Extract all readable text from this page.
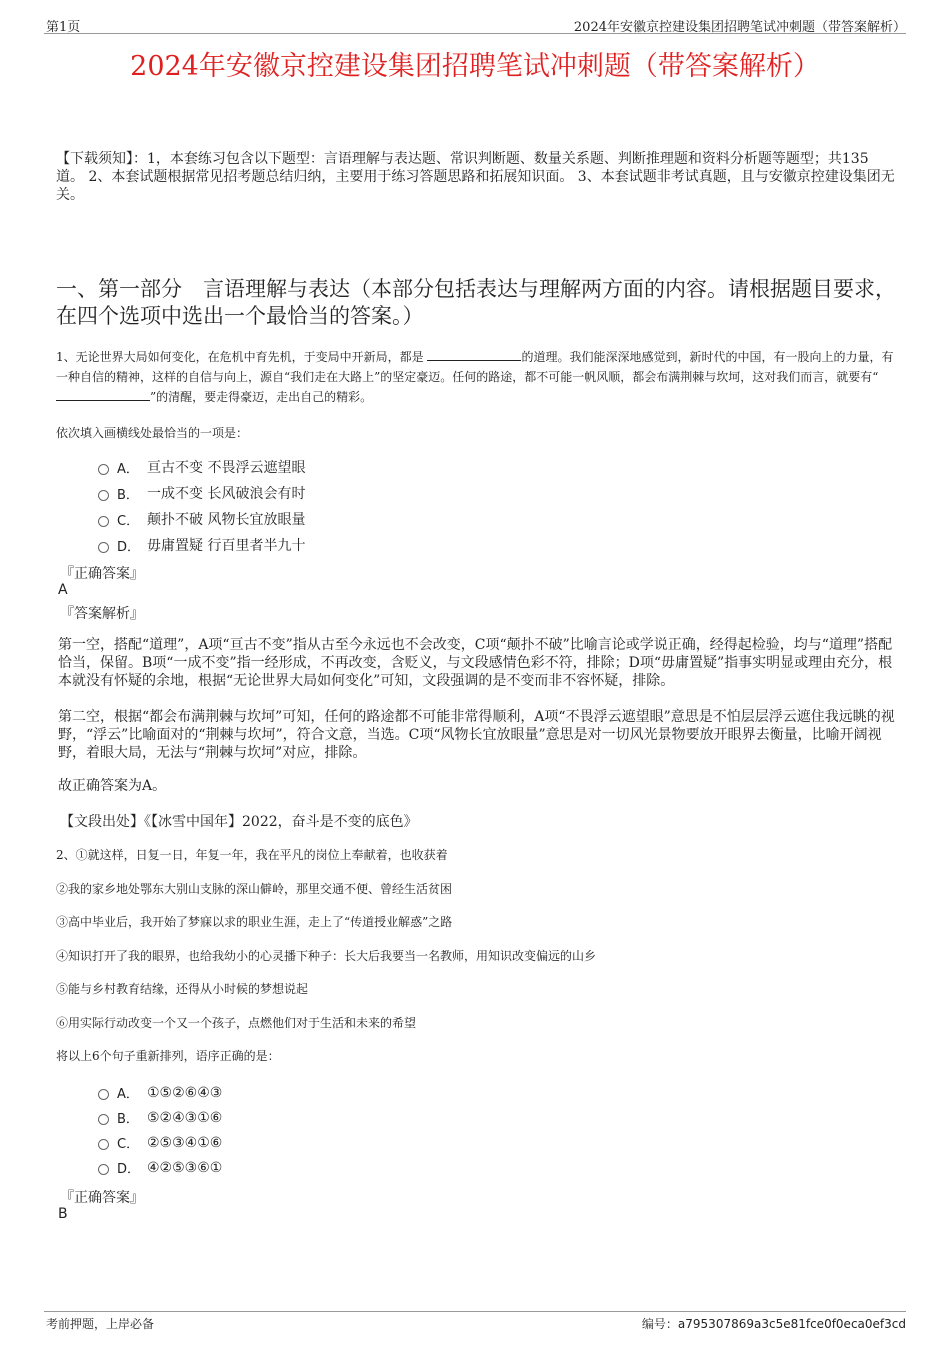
第1页	2024年安徽京控建设集团招聘笔试冲刺题（带答案解析）
2024年安徽京控建设集团招聘笔试冲刺题（带答案解析）
【下载须知】：1，本套练习包含以下题型：言语理解与表达题、常识判断题、数量关系题、判断推理题和资料分析题等题型；共135道。 2、本套试题根据常见招考题总结归纳，主要用于练习答题思路和拓展知识面。 3、本套试题非考试真题，且与安徽京控建设集团无关。
一、第一部分　言语理解与表达（本部分包括表达与理解两方面的内容。请根据题目要求，在四个选项中选出一个最恰当的答案。）
1、无论世界大局如何变化，在危机中育先机，于变局中开新局，都是	的道理。我们能深深地感觉到，新时代的中国，有一股向上的力量，有一种自信的精神，这样的自信与向上，源自“我们走在大路上”的坚定豪迈。任何的路途，都不可能一帆风顺，都会布满荆棘与坎坷，这对我们而言，就要有“”的清醒，要走得豪迈，走出自己的精彩。
依次填入画横线处最恰当的一项是：
A． 亘古不变 不畏浮云遮望眼
B． 一成不变 长风破浪会有时
C． 颠扑不破 风物长宜放眼量
D． 毋庸置疑 行百里者半九十
『正确答案』
A
『答案解析』
第一空，搭配“道理”，A项“亘古不变”指从古至今永远也不会改变，C项“颠扑不破”比喻言论或学说正确，经得起检验，均与“道理”搭配恰当，保留。B项“一成不变”指一经形成，不再改变，含贬义，与文段感情色彩不符，排除；D项“毋庸置疑”指事实明显或理由充分，根本就没有怀疑的余地，根据“无论世界大局如何变化”可知，文段强调的是不变而非不容怀疑，排除。
第二空，根据“都会布满荆棘与坎坷”可知，任何的路途都不可能非常得顺利，A项“不畏浮云遮望眼”意思是不怕层层浮云遮住我远眺的视野，“浮云”比喻面对的“荆棘与坎坷”，符合文意，当选。C项“风物长宜放眼量”意思是对一切风光景物要放开眼界去衡量，比喻开阔视野，着眼大局，无法与“荆棘与坎坷”对应，排除。
故正确答案为A。
【文段出处】《【冰雪中国年】2022，奋斗是不变的底色》
2、①就这样，日复一日，年复一年，我在平凡的岗位上奉献着，也收获着
②我的家乡地处鄂东大别山支脉的深山僻岭，那里交通不便、曾经生活贫困
③高中毕业后，我开始了梦寐以求的职业生涯，走上了“传道授业解惑”之路
④知识打开了我的眼界，也给我幼小的心灵播下种子：长大后我要当一名教师，用知识改变偏远的山乡
⑤能与乡村教育结缘，还得从小时候的梦想说起
⑥用实际行动改变一个又一个孩子，点燃他们对于生活和未来的希望
将以上6个句子重新排列，语序正确的是：
A． ①⑤②⑥④③
B． ⑤②④③①⑥
C． ②⑤③④①⑥
D． ④②⑤③⑥①
『正确答案』
B
考前押题，上岸必备	编号：a795307869a3c5e81fce0f0eca0ef3cd
